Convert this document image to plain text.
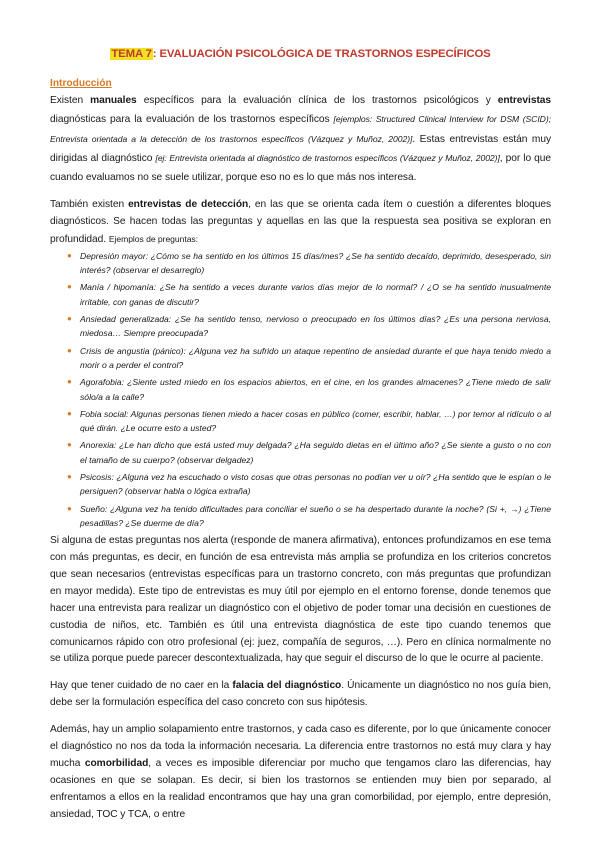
TEMA 7: EVALUACIÓN PSICOLÓGICA DE TRASTORNOS ESPECÍFICOS
Introducción

Existen manuales específicos para la evaluación clínica de los trastornos psicológicos y entrevistas diagnósticas para la evaluación de los trastornos específicos [ejemplos: Structured Clinical Interview for DSM (SCID); Entrevista orientada a la detección de los trastornos específicos (Vázquez y Muñoz, 2002)]. Estas entrevistas están muy dirigidas al diagnóstico [ej: Entrevista orientada al diagnóstico de trastornos específicos (Vázquez y Muñoz, 2002)], por lo que cuando evaluamos no se suele utilizar, porque eso no es lo que más nos interesa.

También existen entrevistas de detección, en las que se orienta cada ítem o cuestión a diferentes bloques diagnósticos. Se hacen todas las preguntas y aquellas en las que la respuesta sea positiva se exploran en profundidad. Ejemplos de preguntas:

● Depresión mayor: ¿Cómo se ha sentido en los últimos 15 días/mes? ¿Se ha sentido decaído, deprimido, desesperado, sin interés? (observar el desarreglo)
● Manía / hipomanía: ¿Se ha sentido a veces durante varios días mejor de lo normal? / ¿O se ha sentido inusualmente irritable, con ganas de discutir?
● Ansiedad generalizada: ¿Se ha sentido tenso, nervioso o preocupado en los últimos días? ¿Es una persona nerviosa, miedosa… Siempre preocupada?
● Crisis de angustia (pánico): ¿Alguna vez ha sufrido un ataque repentino de ansiedad durante el que haya tenido miedo a morir o a perder el control?
● Agorafobia: ¿Siente usted miedo en los espacios abiertos, en el cine, en los grandes almacenes? ¿Tiene miedo de salir sólo/a a la calle?
● Fobia social: Algunas personas tienen miedo a hacer cosas en público (comer, escribir, hablar, …) por temor al ridículo o al qué dirán. ¿Le ocurre esto a usted?
● Anorexia: ¿Le han dicho que está usted muy delgada? ¿Ha seguido dietas en el último año? ¿Se siente a gusto o no con el tamaño de su cuerpo? (observar delgadez)
● Psicosis: ¿Alguna vez ha escuchado o visto cosas que otras personas no podían ver u oír? ¿Ha sentido que le espían o le persiguen? (observar habla o lógica extraña)
● Sueño: ¿Alguna vez ha tenido dificultades para conciliar el sueño o se ha despertado durante la noche? (Si +, →) ¿Tiene pesadillas? ¿Se duerme de día?

Si alguna de estas preguntas nos alerta (responde de manera afirmativa), entonces profundizamos en ese tema con más preguntas, es decir, en función de esa entrevista más amplia se profundiza en los criterios concretos que sean necesarios (entrevistas específicas para un trastorno concreto, con más preguntas que profundizan en mayor medida). Este tipo de entrevistas es muy útil por ejemplo en el entorno forense, donde tenemos que hacer una entrevista para realizar un diagnóstico con el objetivo de poder tomar una decisión en cuestiones de custodia de niños, etc. También es útil una entrevista diagnóstica de este tipo cuando tenemos que comunicarnos rápido con otro profesional (ej: juez, compañía de seguros, …). Pero en clínica normalmente no se utiliza porque puede parecer descontextualizada, hay que seguir el discurso de lo que le ocurre al paciente.

Hay que tener cuidado de no caer en la falacia del diagnóstico. Únicamente un diagnóstico no nos guía bien, debe ser la formulación específica del caso concreto con sus hipótesis.

Además, hay un amplio solapamiento entre trastornos, y cada caso es diferente, por lo que únicamente conocer el diagnóstico no nos da toda la información necesaria. La diferencia entre trastornos no está muy clara y hay mucha comorbilidad, a veces es imposible diferenciar por mucho que tengamos claro las diferencias, hay ocasiones en que se solapan. Es decir, si bien los trastornos se entienden muy bien por separado, al enfrentamos a ellos en la realidad encontramos que hay una gran comorbilidad, por ejemplo, entre depresión, ansiedad, TOC y TCA, o entre
